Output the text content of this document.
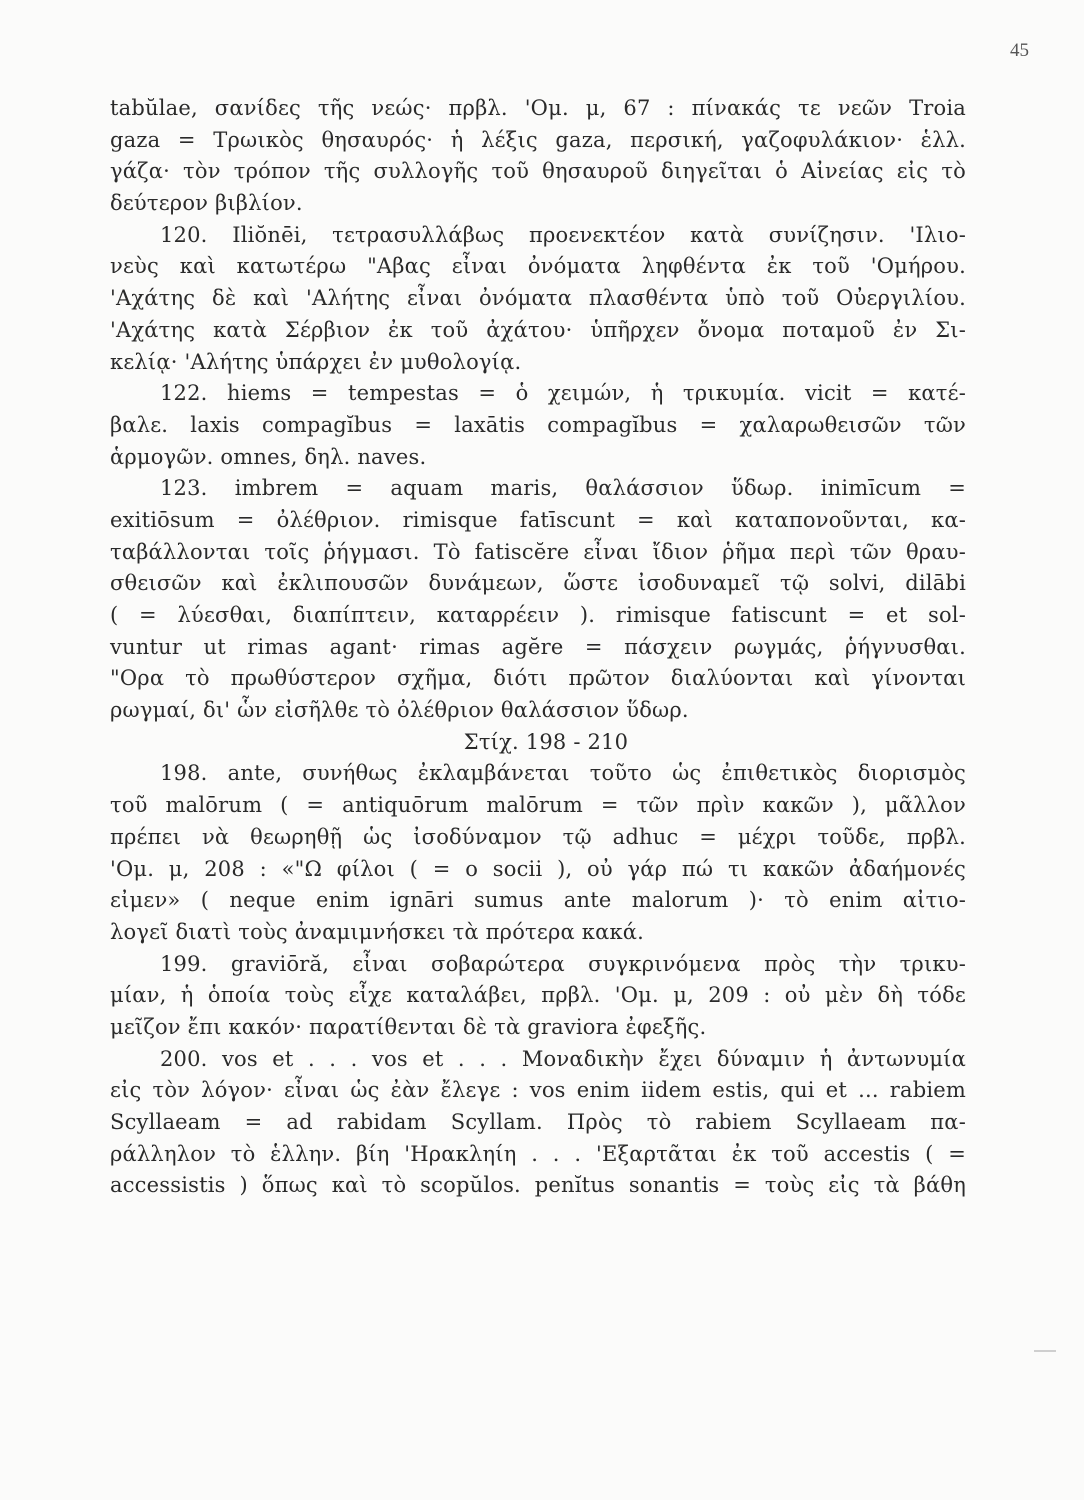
45
tabŭlae, σανίδες τῆς νεώς· πρβλ. 'Ομ. μ, 67 : πίνακάς τε νεῶν Troia
gaza = Τρωικὸς θησαυρός· ἡ λέξις gaza, περσική, γαζοφυλάκιον· ἑλλ.
γάζα· τὸν τρόπον τῆς συλλογῆς τοῦ θησαυροῦ διηγεῖται ὁ Αἰνείας εἰς τὸ
δεύτερον βιβλίον.
120. Iliŏnēi, τετρασυλλάβως προενεκτέον κατὰ συνίζησιν. 'Ιλιο-
νεὺς καὶ κατωτέρω "Αβας εἶναι ὀνόματα ληφθέντα ἐκ τοῦ 'Ομήρου.
'Αχάτης δὲ καὶ 'Αλήτης εἶναι ὀνόματα πλασθέντα ὑπὸ τοῦ Οὐεργιλίου.
'Αχάτης κατὰ Σέρβιον ἐκ τοῦ ἀχάτου· ὑπῆρχεν ὄνομα ποταμοῦ ἐν Σι-
κελίᾳ· 'Αλήτης ὑπάρχει ἐν μυθολογίᾳ.
122. hiems = tempestas = ὁ χειμών, ἡ τρικυμία. vicit = κατέ-
βαλε. laxis compagĭbus = laxātis compagĭbus = χαλαρωθεισῶν τῶν
ἁρμογῶν. omnes, δηλ. naves.
123. imbrem = aquam maris, θαλάσσιον ὕδωρ. inimīcum =
exitiōsum = ὀλέθριον. rimisque fatīscunt = καὶ καταπονοῦνται, κα-
ταβάλλονται τοῖς ῥήγμασι. Τὸ fatiscĕre εἶναι ἴδιον ῥῆμα περὶ τῶν θραυ-
σθεισῶν καὶ ἐκλιπουσῶν δυνάμεων, ὥστε ἰσοδυναμεῖ τῷ solvi, dilābi
( = λύεσθαι, διαπίπτειν, καταρρέειν ). rimisque fatiscunt = et sol-
vuntur ut rimas agant· rimas agĕre = πάσχειν ρωγμάς, ῥήγνυσθαι.
"Ορα τὸ πρωθύστερον σχῆμα, διότι πρῶτον διαλύονται καὶ γίνονται
ρωγμαί, δι' ὧν εἰσῆλθε τὸ ὀλέθριον θαλάσσιον ὕδωρ.
Στίχ. 198 - 210
198. ante, συνήθως ἐκλαμβάνεται τοῦτο ὡς ἐπιθετικὸς διορισμὸς
τοῦ malōrum ( = antiquōrum malōrum = τῶν πρὶν κακῶν ), μᾶλλον
πρέπει νὰ θεωρηθῇ ὡς ἰσοδύναμον τῷ adhuc = μέχρι τοῦδε, πρβλ.
'Ομ. μ, 208 : «"Ω φίλοι ( = o socii ), οὐ γάρ πώ τι κακῶν ἀδαήμονές
εἰμεν» ( neque enim ignāri sumus ante malorum )· τὸ enim αἰτιο-
λογεῖ διατὶ τοὺς ἀναμιμνήσκει τὰ πρότερα κακά.
199. graviōră, εἶναι σοβαρώτερα συγκρινόμενα πρὸς τὴν τρικυ-
μίαν, ἡ ὁποία τοὺς εἶχε καταλάβει, πρβλ. 'Ομ. μ, 209 : οὐ μὲν δὴ τόδε
μεῖζον ἔπι κακόν· παρατίθενται δὲ τὰ graviora ἐφεξῆς.
200. vos et . . . vos et . . . Μοναδικὴν ἔχει δύναμιν ἡ ἀντωνυμία
εἰς τὸν λόγον· εἶναι ὡς ἐὰν ἔλεγε : vos enim iidem estis, qui et ... rabiem
Scyllaeam = ad rabidam Scyllam. Πρὸς τὸ rabiem Scyllaeam πα-
ράλληλον τὸ ἑλλην. βίη 'Ηρακληίη . . . 'Εξαρτᾶται ἐκ τοῦ accestis ( =
accessistis ) ὅπως καὶ τὸ scopŭlos. penĭtus sonantis = τοὺς εἰς τὰ βάθη
